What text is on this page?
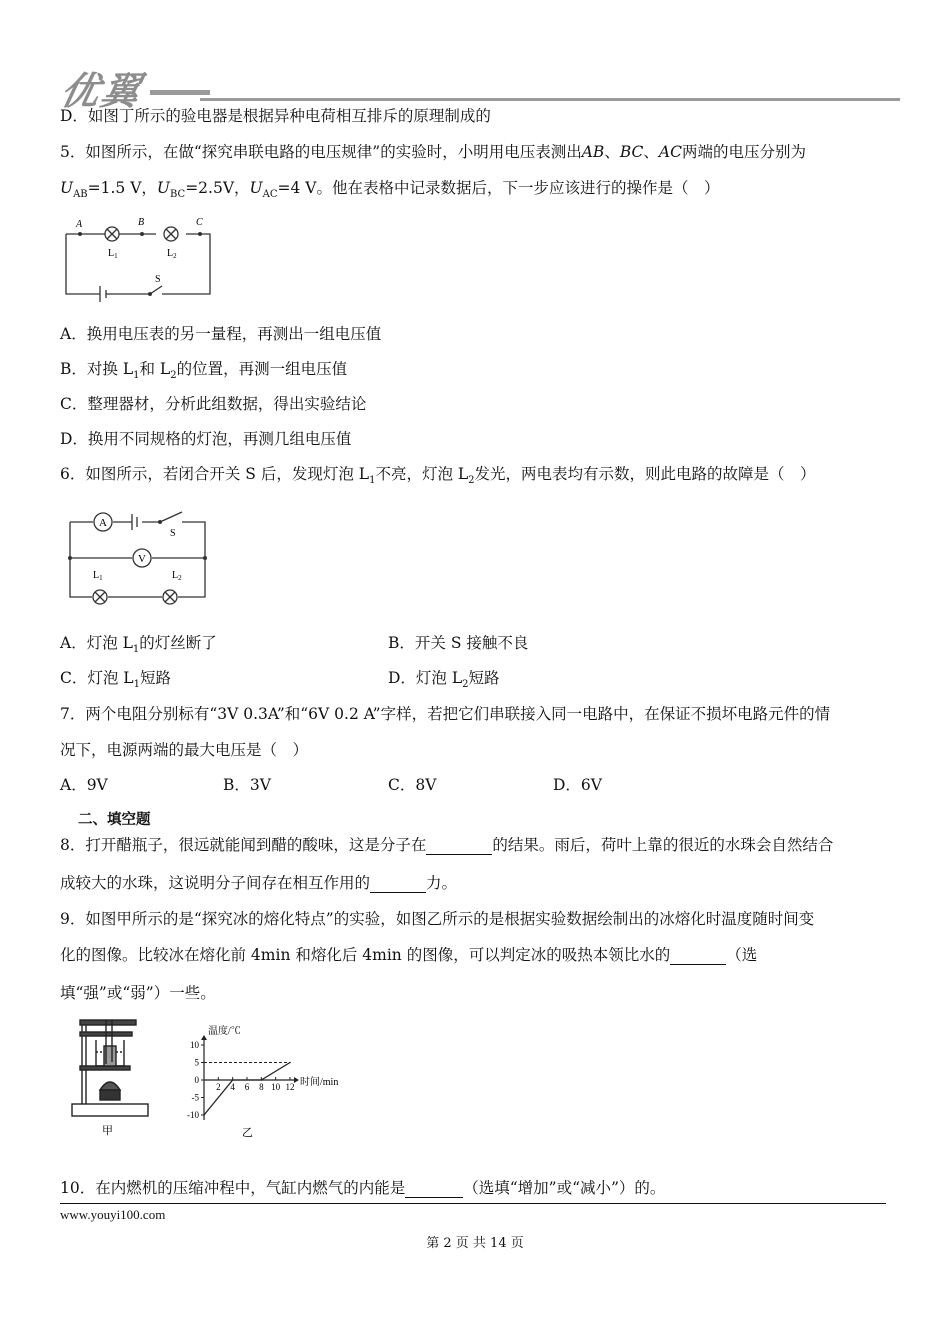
优翼
D．如图丁所示的验电器是根据异种电荷相互排斥的原理制成的
5．如图所示，在做“探究串联电路的电压规律”的实验时，小明用电压表测出AB、BC、AC两端的电压分别为
$U_{AB}=1.5$ V，$U_{BC}=2.5V$，$U_{AC}=4$ V。他在表格中记录数据后，下一步应该进行的操作是（　）
A	B	C
$L_1$	$L_2$
S
A．换用电压表的另一量程，再测出一组电压值
B．对换 $L_1$和 $L_2$的位置，再测一组电压值
C．整理器材，分析此组数据，得出实验结论
D．换用不同规格的灯泡，再测几组电压值
6．如图所示，若闭合开关 S 后，发现灯泡 $L_1$不亮，灯泡 $L_2$发光，两电表均有示数，则此电路的故障是（　）
A
V
S
$L_1$	$L_2$
A．灯泡 $L_1$的灯丝断了	B．开关 S 接触不良
C．灯泡 $L_1$短路	D．灯泡 $L_2$短路
7．两个电阻分别标有“3V 0.3A”和“6V 0.2 A”字样，若把它们串联接入同一电路中，在保证不损坏电路元件的情
况下，电源两端的最大电压是（　）
A．9V	B．3V	C．8V	D．6V
二、填空题
8．打开醋瓶子，很远就能闻到醋的酸味，这是分子在	的结果。雨后，荷叶上靠的很近的水珠会自然结合
成较大的水珠，这说明分子间存在相互作用的	力。
9．如图甲所示的是“探究冰的熔化特点”的实验，如图乙所示的是根据实验数据绘制出的冰熔化时温度随时间变
化的图像。比较冰在熔化前 4min 和熔化后 4min 的图像，可以判定冰的吸热本领比水的	（选
填“强”或“弱”）一些。
甲
温度/℃
时间/min
10
5
0
-5
-10
2 4 6 8 10 12
乙
10．在内燃机的压缩冲程中，气缸内燃气的内能是	（选填“增加”或“减小”）的。
www.youyi100.com
第 2 页 共 14 页
